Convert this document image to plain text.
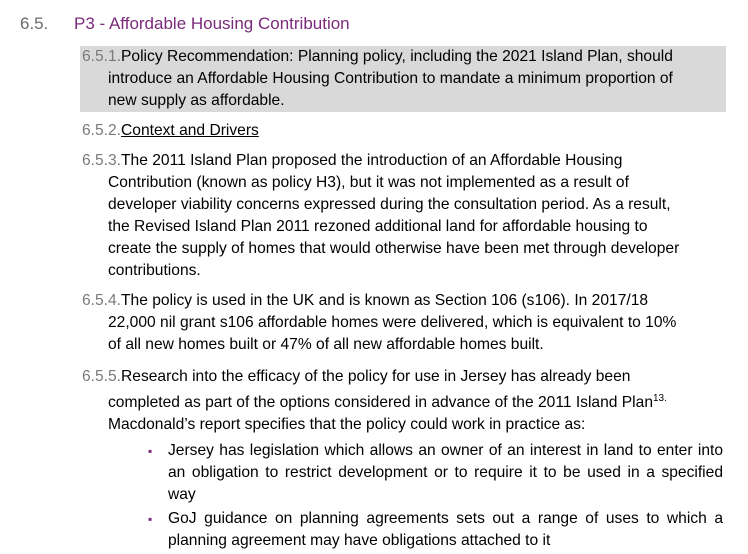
6.5. P3 - Affordable Housing Contribution
6.5.1.Policy Recommendation: Planning policy, including the 2021 Island Plan, should
introduce an Affordable Housing Contribution to mandate a minimum proportion of
new supply as affordable.
6.5.2.Context and Drivers
6.5.3.The 2011 Island Plan proposed the introduction of an Affordable Housing
Contribution (known as policy H3), but it was not implemented as a result of
developer viability concerns expressed during the consultation period. As a result,
the Revised Island Plan 2011 rezoned additional land for affordable housing to
create the supply of homes that would otherwise have been met through developer
contributions.
6.5.4.The policy is used in the UK and is known as Section 106 (s106). In 2017/18
22,000 nil grant s106 affordable homes were delivered, which is equivalent to 10%
of all new homes built or 47% of all new affordable homes built.
6.5.5.Research into the efficacy of the policy for use in Jersey has already been
completed as part of the options considered in advance of the 2011 Island Plan$^{13.}$
Macdonald’s report specifies that the policy could work in practice as:
▪ Jersey has legislation which allows an owner of an interest in land to enter into an obligation to restrict development or to require it to be used in a specified way
▪ GoJ guidance on planning agreements sets out a range of uses to which a planning agreement may have obligations attached to it
